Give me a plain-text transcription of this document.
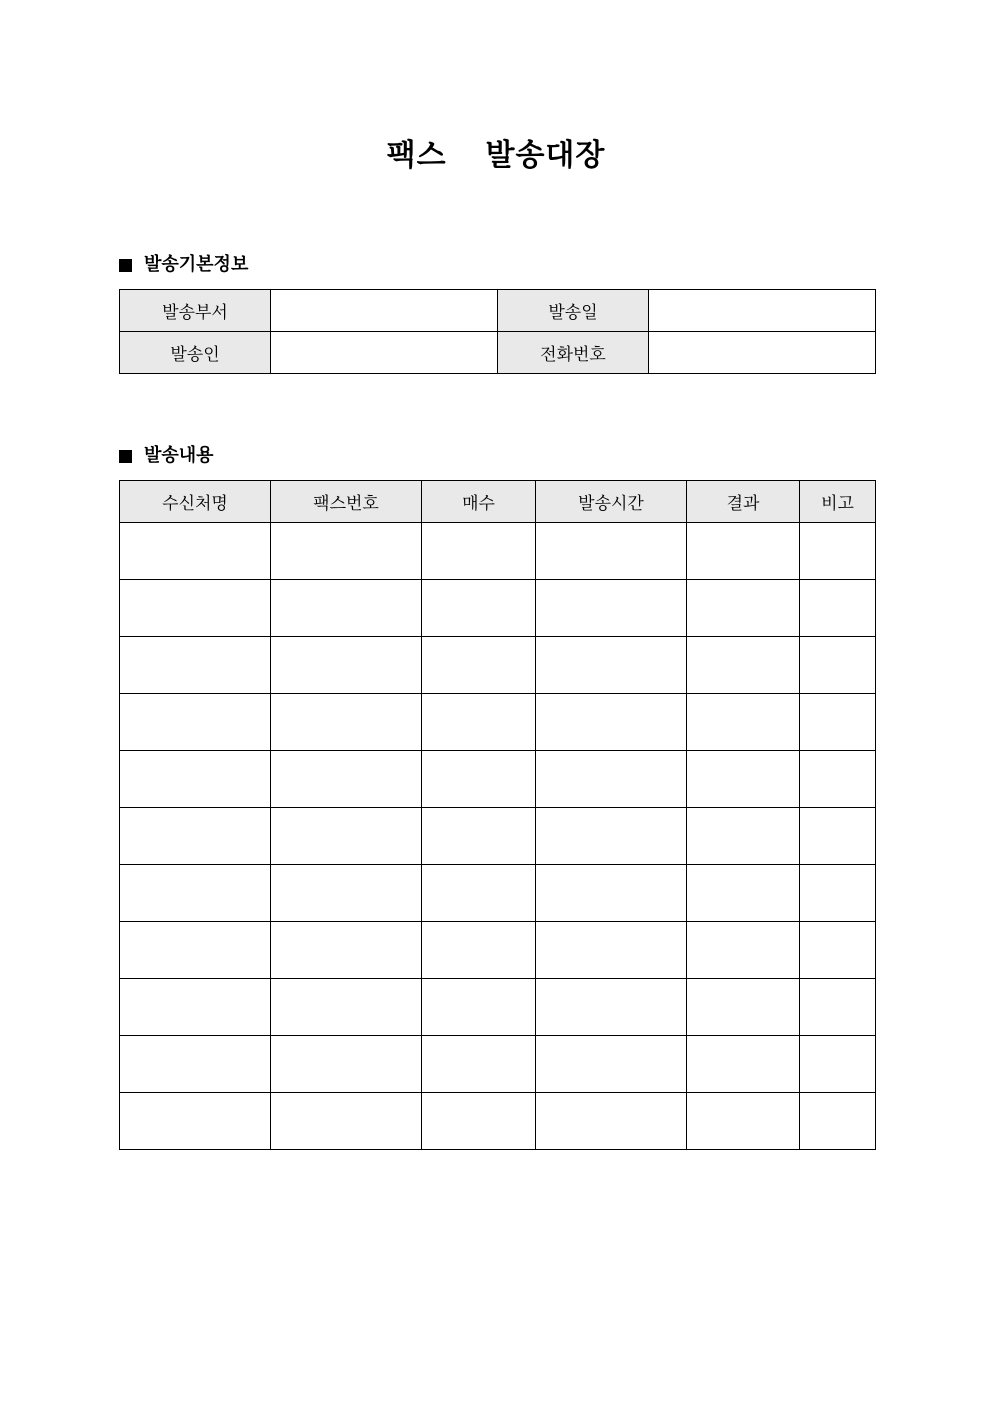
팩스  발송대장
발송기본정보
발송부서		발송일	
발송인		전화번호	
발송내용
수신처명	팩스번호	매수	발송시간	결과	비고
